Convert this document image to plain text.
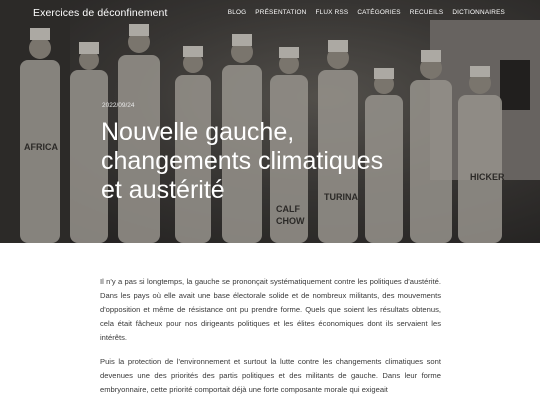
AFRICA
HICKER
CALF
CHOW
TURINA
Exercices de déconfinement	BLOG PRÉSENTATION FLUX RSS CATÉGORIES RECUEILS DICTIONNAIRES
2022/09/24
Nouvelle gauche,
changements climatiques
et austérité

Il n'y a pas si longtemps, la gauche se prononçait systématiquement contre les politiques d'austérité. Dans les pays où elle avait une base électorale solide et de nombreux militants, des mouvements d'opposition et même de résistance ont pu prendre forme. Quels que soient les résultats obtenus, cela était fâcheux pour nos dirigeants politiques et les élites économiques dont ils servaient les intérêts.

Puis la protection de l'environnement et surtout la lutte contre les changements climatiques sont devenues une des priorités des partis politiques et des militants de gauche. Dans leur forme embryonnaire, cette priorité comportait déjà une forte composante morale qui exigeait
